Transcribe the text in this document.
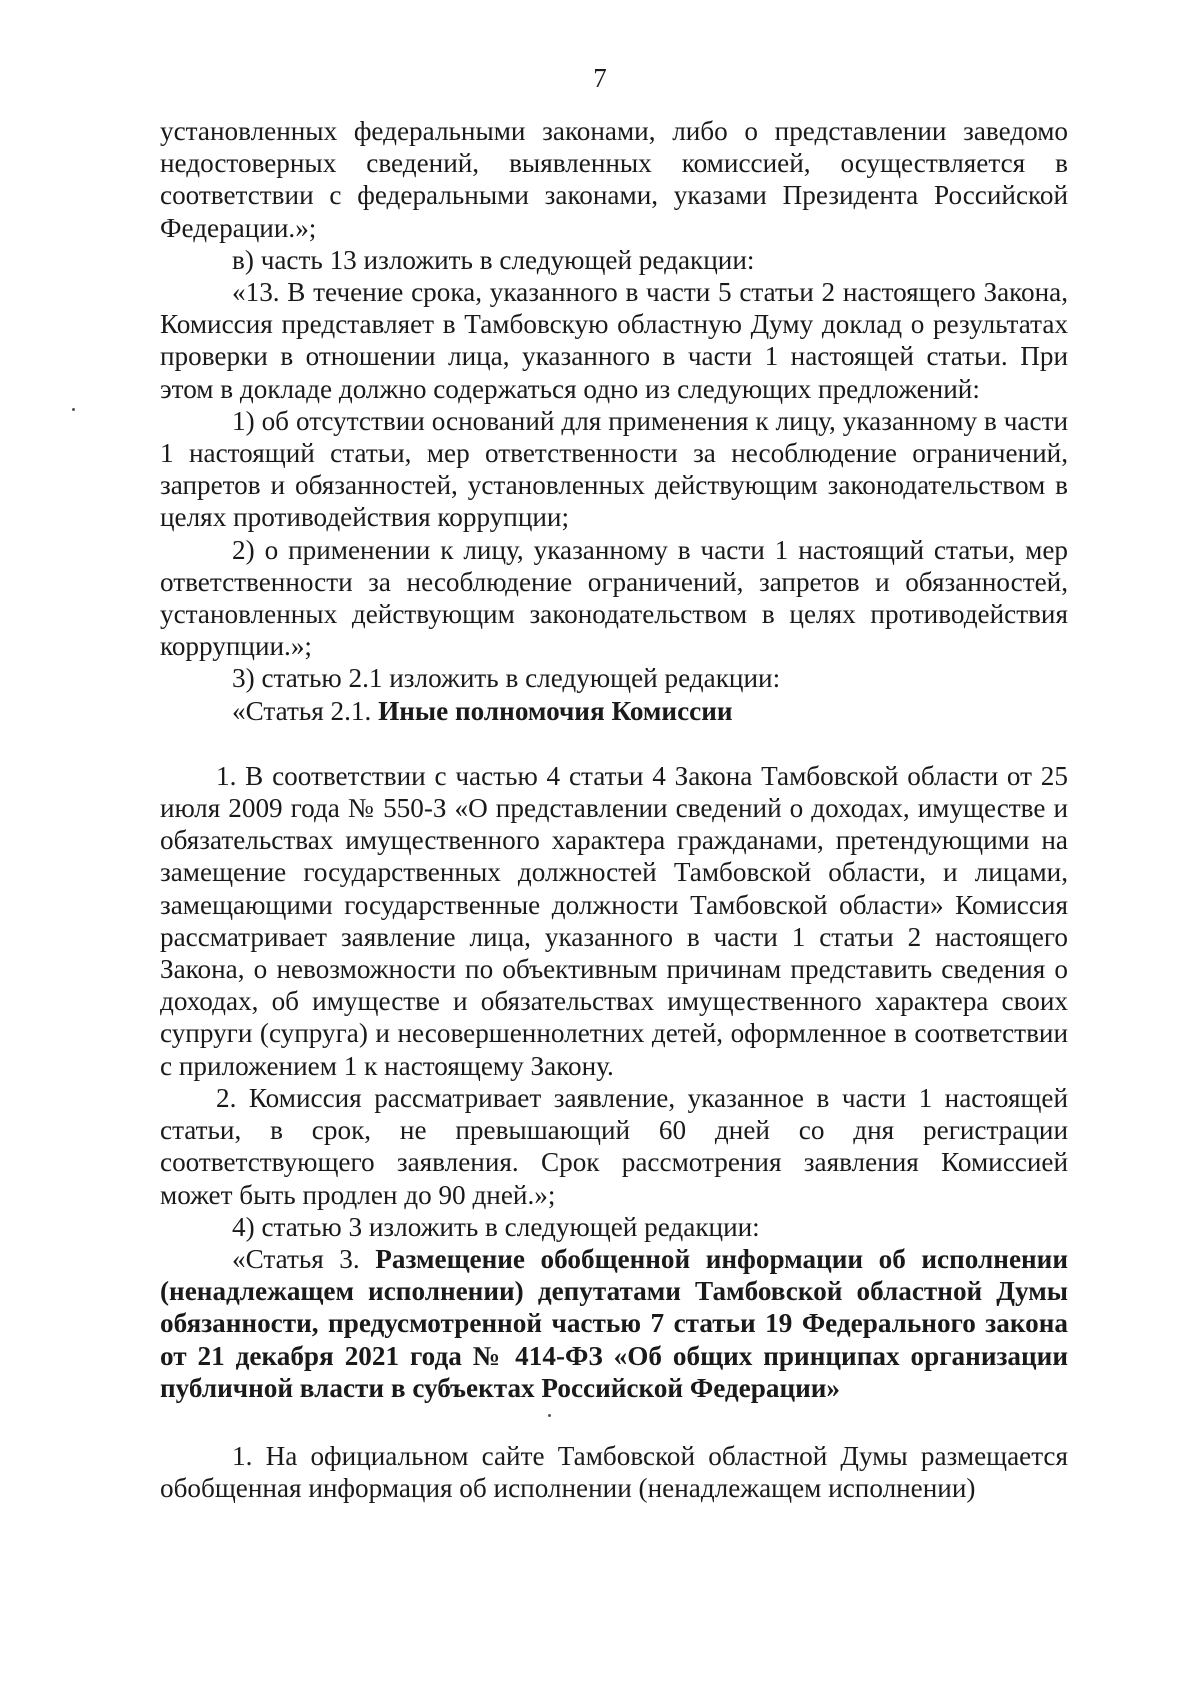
7

установленных федеральными законами, либо о представлении заведомо недостоверных сведений, выявленных комиссией, осуществляется в соответствии с федеральными законами, указами Президента Российской Федерации.»;

в) часть 13 изложить в следующей редакции:

«13. В течение срока, указанного в части 5 статьи 2 настоящего Закона, Комиссия представляет в Тамбовскую областную Думу доклад о результатах проверки в отношении лица, указанного в части 1 настоящей статьи. При этом в докладе должно содержаться одно из следующих предложений:

1) об отсутствии оснований для применения к лицу, указанному в части 1 настоящий статьи, мер ответственности за несоблюдение ограничений, запретов и обязанностей, установленных действующим законодательством в целях противодействия коррупции;

2) о применении к лицу, указанному в части 1 настоящий статьи, мер ответственности за несоблюдение ограничений, запретов и обязанностей, установленных действующим законодательством в целях противодействия коррупции.»;

3) статью 2.1 изложить в следующей редакции:

«Статья 2.1. Иные полномочия Комиссии

1. В соответствии с частью 4 статьи 4 Закона Тамбовской области от 25 июля 2009 года № 550-З «О представлении сведений о доходах, имуществе и обязательствах имущественного характера гражданами, претендующими на замещение государственных должностей Тамбовской области, и лицами, замещающими государственные должности Тамбовской области» Комиссия рассматривает заявление лица, указанного в части 1 статьи 2 настоящего Закона, о невозможности по объективным причинам представить сведения о доходах, об имуществе и обязательствах имущественного характера своих супруги (супруга) и несовершеннолетних детей, оформленное в соответствии с приложением 1 к настоящему Закону.

2. Комиссия рассматривает заявление, указанное в части 1 настоящей статьи, в срок, не превышающий 60 дней со дня регистрации соответствующего заявления. Срок рассмотрения заявления Комиссией может быть продлен до 90 дней.»;

4) статью 3 изложить в следующей редакции:

«Статья 3. Размещение обобщенной информации об исполнении (ненадлежащем исполнении) депутатами Тамбовской областной Думы обязанности, предусмотренной частью 7 статьи 19 Федерального закона от 21 декабря 2021 года № 414-ФЗ «Об общих принципах организации публичной власти в субъектах Российской Федерации»

1. На официальном сайте Тамбовской областной Думы размещается обобщенная информация об исполнении (ненадлежащем исполнении)
